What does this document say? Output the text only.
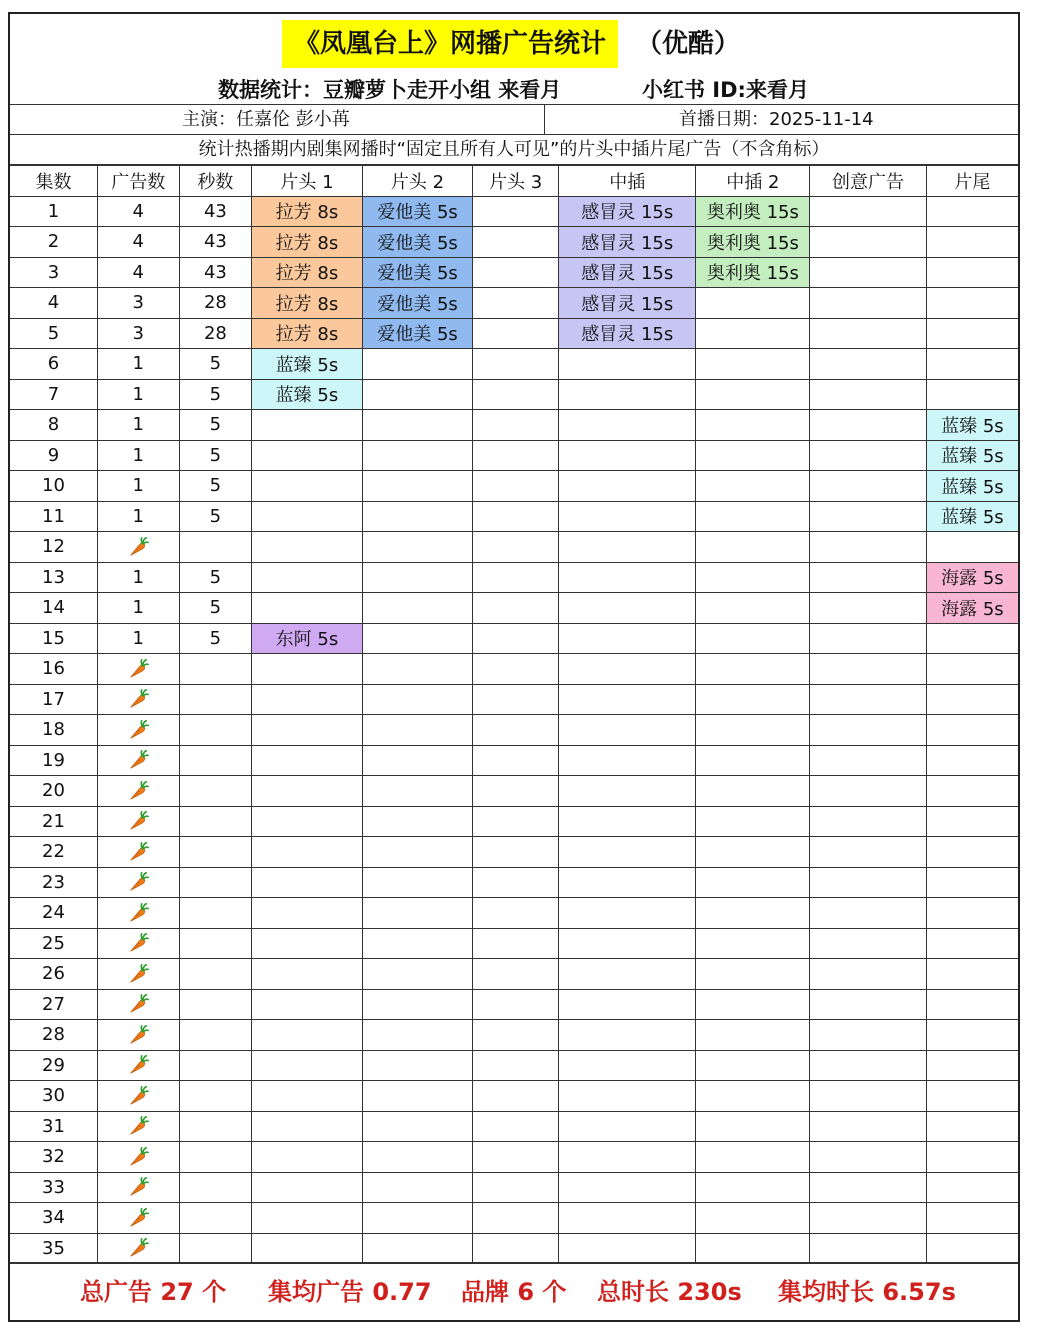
《凤凰台上》网播广告统计	（优酷）
数据统计：豆瓣萝卜走开小组 来看月	小红书 ID:来看月
主演：任嘉伦 彭小苒	首播日期：2025-11-14
统计热播期内剧集网播时“固定且所有人可见”的片头中插片尾广告（不含角标）
集数	广告数	秒数	片头 1	片头 2	片头 3	中插	中插 2	创意广告	片尾
1	4	43	拉芳 8s	爱他美 5s		感冒灵 15s	奥利奥 15s		
2	4	43	拉芳 8s	爱他美 5s		感冒灵 15s	奥利奥 15s		
3	4	43	拉芳 8s	爱他美 5s		感冒灵 15s	奥利奥 15s		
4	3	28	拉芳 8s	爱他美 5s		感冒灵 15s			
5	3	28	拉芳 8s	爱他美 5s		感冒灵 15s			
6	1	5	蓝臻 5s						
7	1	5	蓝臻 5s						
8	1	5							蓝臻 5s
9	1	5							蓝臻 5s
10	1	5							蓝臻 5s
11	1	5							蓝臻 5s
12									
13	1	5							海露 5s
14	1	5							海露 5s
15	1	5	东阿 5s						
16									
17									
18									
19									
20									
21									
22									
23									
24									
25									
26									
27									
28									
29									
30									
31									
32									
33									
34									
35									
总广告 27 个 集均广告 0.77 品牌 6 个 总时长 230s 集均时长 6.57s
